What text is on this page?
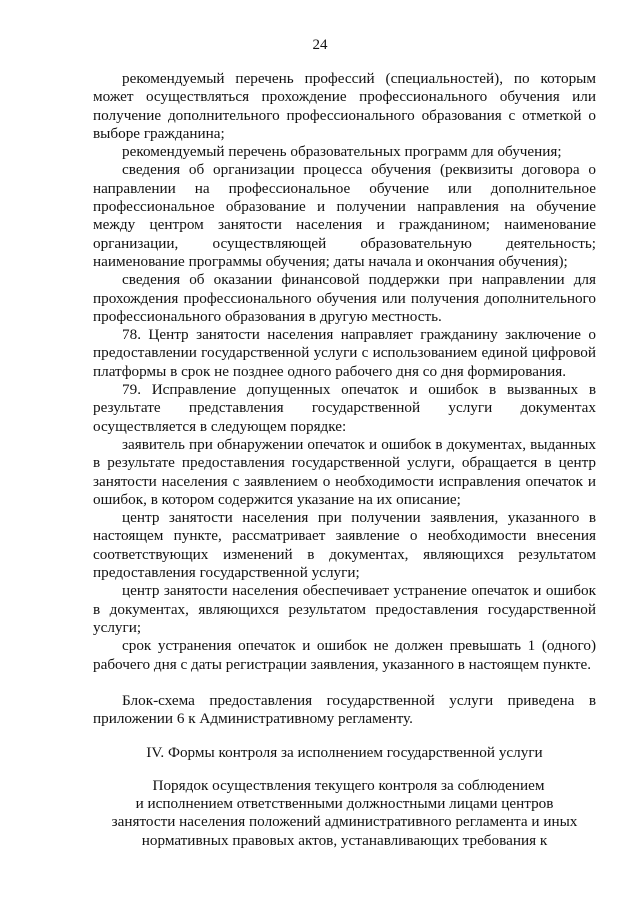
24

рекомендуемый перечень профессий (специальностей), по которым может осуществляться прохождение профессионального обучения или получение дополнительного профессионального образования с отметкой о выборе гражданина;

рекомендуемый перечень образовательных программ для обучения;

сведения об организации процесса обучения (реквизиты договора о направлении на профессиональное обучение или дополнительное профессиональное образование и получении направления на обучение между центром занятости населения и гражданином; наименование организации, осуществляющей образовательную деятельность; наименование программы обучения; даты начала и окончания обучения);

сведения об оказании финансовой поддержки при направлении для прохождения профессионального обучения или получения дополнительного профессионального образования в другую местность.

78. Центр занятости населения направляет гражданину заключение о предоставлении государственной услуги с использованием единой цифровой платформы в срок не позднее одного рабочего дня со дня формирования.

79. Исправление допущенных опечаток и ошибок в вызванных в результате представления государственной услуги документах осуществляется в следующем порядке:

заявитель при обнаружении опечаток и ошибок в документах, выданных в результате предоставления государственной услуги, обращается в центр занятости населения с заявлением о необходимости исправления опечаток и ошибок, в котором содержится указание на их описание;

центр занятости населения при получении заявления, указанного в настоящем пункте, рассматривает заявление о необходимости внесения соответствующих изменений в документах, являющихся результатом предоставления государственной услуги;

центр занятости населения обеспечивает устранение опечаток и ошибок в документах, являющихся результатом предоставления государственной услуги;

срок устранения опечаток и ошибок не должен превышать 1 (одного) рабочего дня с даты регистрации заявления, указанного в настоящем пункте.

Блок-схема предоставления государственной услуги приведена в приложении 6 к Административному регламенту.

IV. Формы контроля за исполнением государственной услуги

Порядок осуществления текущего контроля за соблюдением
и исполнением ответственными должностными лицами центров
занятости населения положений административного регламента и иных
нормативных правовых актов, устанавливающих требования к
